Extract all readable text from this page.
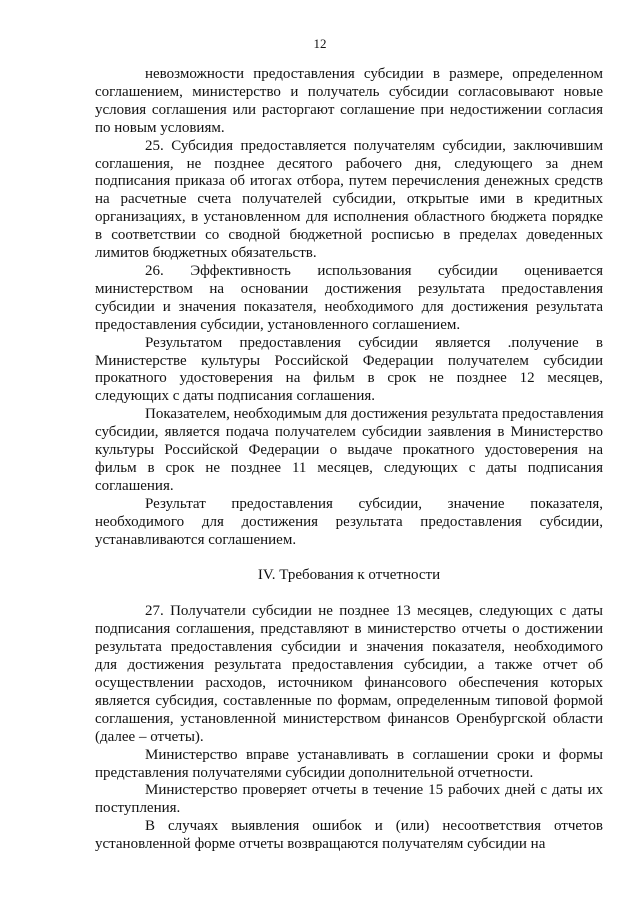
12
невозможности предоставления субсидии в размере, определенном
соглашением, министерство и получатель субсидии согласовывают новые
условия соглашения или расторгают соглашение при недостижении согласия
по новым условиям.
25. Субсидия предоставляется получателям субсидии, заключившим
соглашения, не позднее десятого рабочего дня, следующего за днем
подписания приказа об итогах отбора, путем перечисления денежных средств
на расчетные счета получателей субсидии, открытые ими в кредитных
организациях, в установленном для исполнения областного бюджета порядке
в соответствии со сводной бюджетной росписью в пределах доведенных
лимитов бюджетных обязательств.
26. Эффективность использования субсидии оценивается
министерством на основании достижения результата предоставления
субсидии и значения показателя, необходимого для достижения результата
предоставления субсидии, установленного соглашением.
Результатом предоставления субсидии является .получение в
Министерстве культуры Российской Федерации получателем субсидии
прокатного удостоверения на фильм в срок не позднее 12 месяцев,
следующих с даты подписания соглашения.
Показателем, необходимым для достижения результата предоставления
субсидии, является подача получателем субсидии заявления в Министерство
культуры Российской Федерации о выдаче прокатного удостоверения на
фильм в срок не позднее 11 месяцев, следующих с даты подписания
соглашения.
Результат предоставления субсидии, значение показателя,
необходимого для достижения результата предоставления субсидии,
устанавливаются соглашением.

IV. Требования к отчетности

27. Получатели субсидии не позднее 13 месяцев, следующих с даты
подписания соглашения, представляют в министерство отчеты о достижении
результата предоставления субсидии и значения показателя, необходимого
для достижения результата предоставления субсидии, а также отчет об
осуществлении расходов, источником финансового обеспечения которых
является субсидия, составленные по формам, определенным типовой формой
соглашения, установленной министерством финансов Оренбургской области
(далее – отчеты).
Министерство вправе устанавливать в соглашении сроки и формы
представления получателями субсидии дополнительной отчетности.
Министерство проверяет отчеты в течение 15 рабочих дней с даты их
поступления.
В случаях выявления ошибок и (или) несоответствия отчетов
установленной форме отчеты возвращаются получателям субсидии на
